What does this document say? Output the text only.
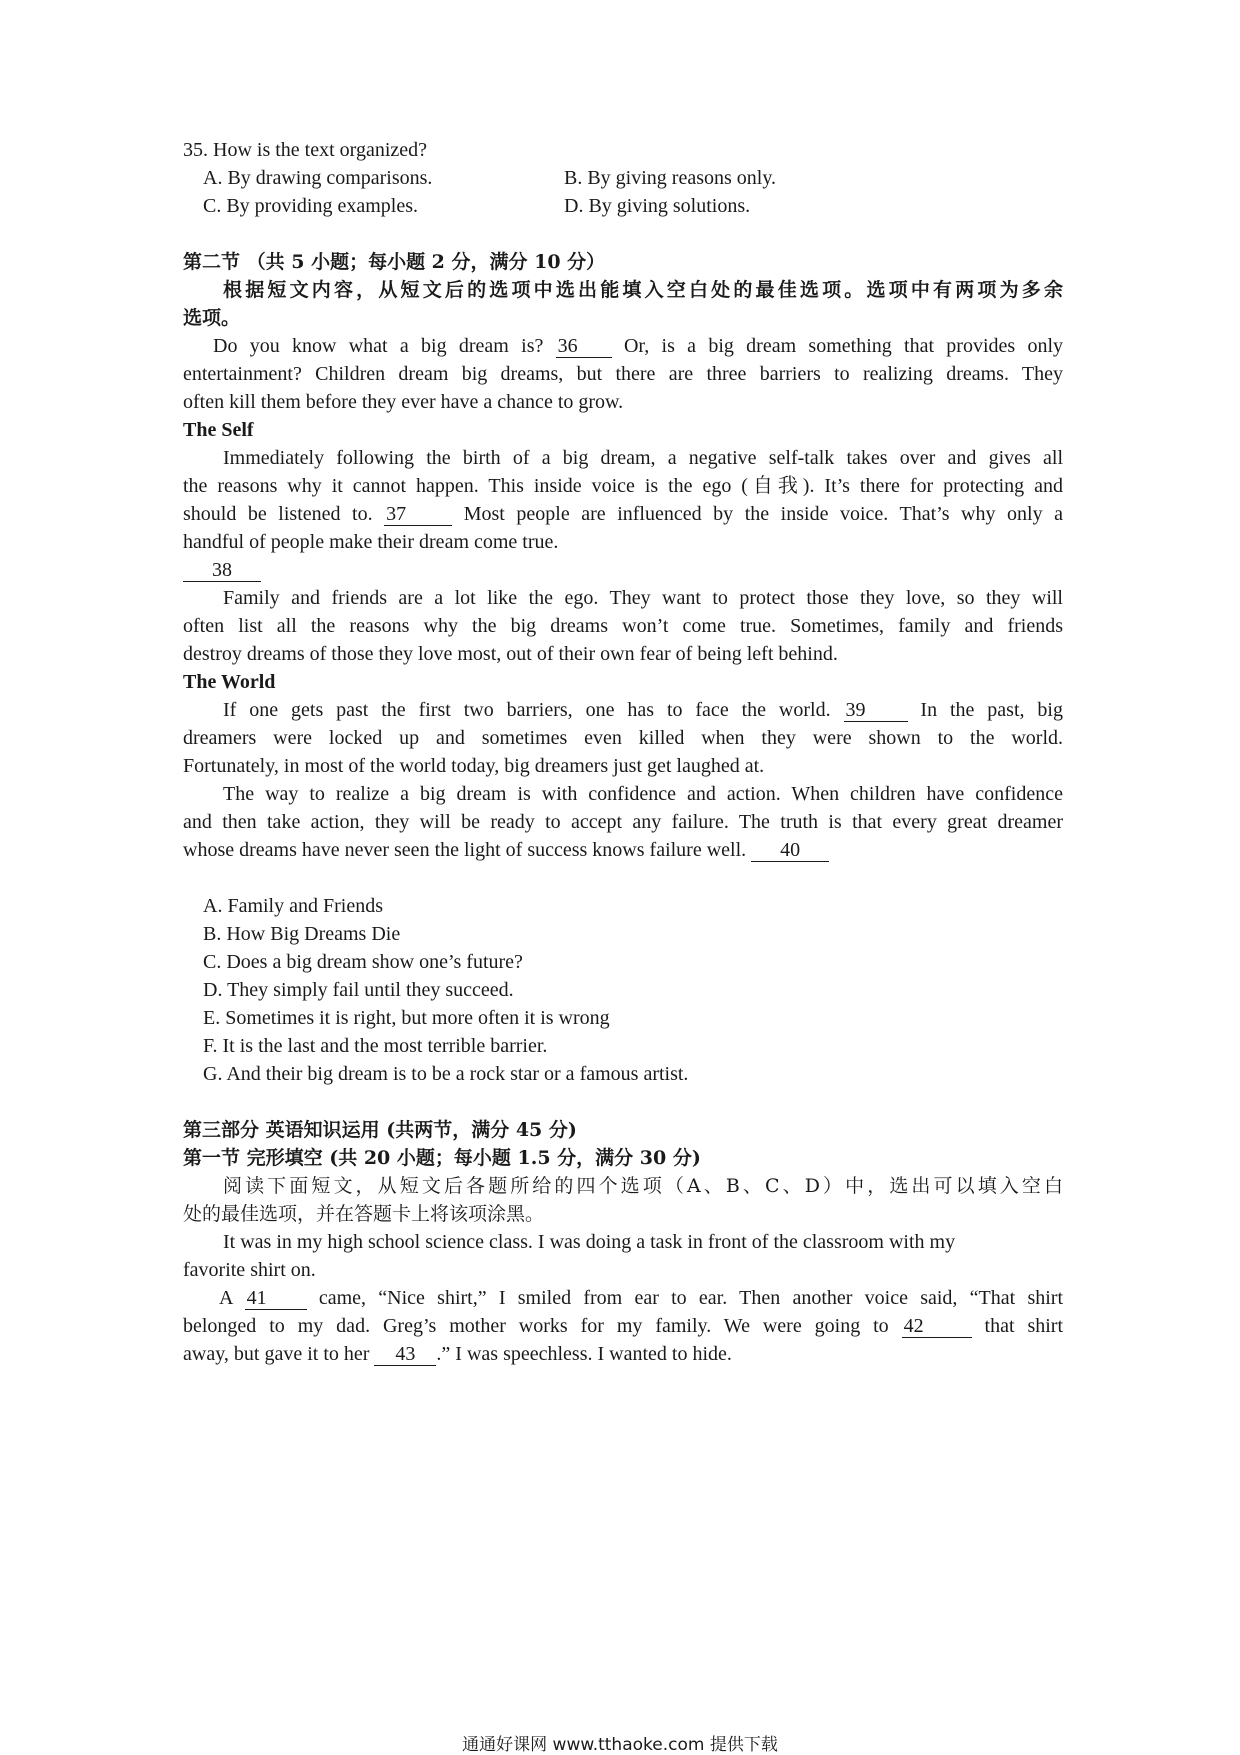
35. How is the text organized?
A. By drawing comparisons.	B. By giving reasons only.
C. By providing examples.	D. By giving solutions.
第二节 （共 5 小题；每小题 2 分，满分 10 分）
根据短文内容，从短文后的选项中选出能填入空白处的最佳选项。选项中有两项为多余
选项。
Do you know what a big dream is? 36 Or, is a big dream something that provides only
entertainment? Children dream big dreams, but there are three barriers to realizing dreams. They
often kill them before they ever have a chance to grow.
The Self
Immediately following the birth of a big dream, a negative self-talk takes over and gives all
the reasons why it cannot happen. This inside voice is the ego (自我). It’s there for protecting and
should be listened to. 37	Most people are influenced by the inside voice. That’s why only a
handful of people make their dream come true.
38
Family and friends are a lot like the ego. They want to protect those they love, so they will
often list all the reasons why the big dreams won’t come true. Sometimes, family and friends
destroy dreams of those they love most, out of their own fear of being left behind.
The World
If one gets past the first two barriers, one has to face the world. 39	In the past, big
dreamers were locked up and sometimes even killed when they were shown to the world.
Fortunately, in most of the world today, big dreamers just get laughed at.
The way to realize a big dream is with confidence and action. When children have confidence
and then take action, they will be ready to accept any failure. The truth is that every great dreamer
whose dreams have never seen the light of success knows failure well. 40
A. Family and Friends
B. How Big Dreams Die
C. Does a big dream show one’s future?
D. They simply fail until they succeed.
E. Sometimes it is right, but more often it is wrong
F. It is the last and the most terrible barrier.
G. And their big dream is to be a rock star or a famous artist.
第三部分 英语知识运用 (共两节，满分 45 分)
第一节 完形填空 (共 20 小题；每小题 1.5 分，满分 30 分)
阅读下面短文，从短文后各题所给的四个选项（A、B、C、D）中，选出可以填入空白
处的最佳选项，并在答题卡上将该项涂黑。
It was in my high school science class. I was doing a task in front of the classroom with my
favorite shirt on.
A 41	came, “Nice shirt,” I smiled from ear to ear. Then another voice said, “That shirt
belonged to my dad. Greg’s mother works for my family. We were going to 42	that shirt
away, but gave it to her 43 .” I was speechless. I wanted to hide.
通通好课网 www.tthaoke.com 提供下载
